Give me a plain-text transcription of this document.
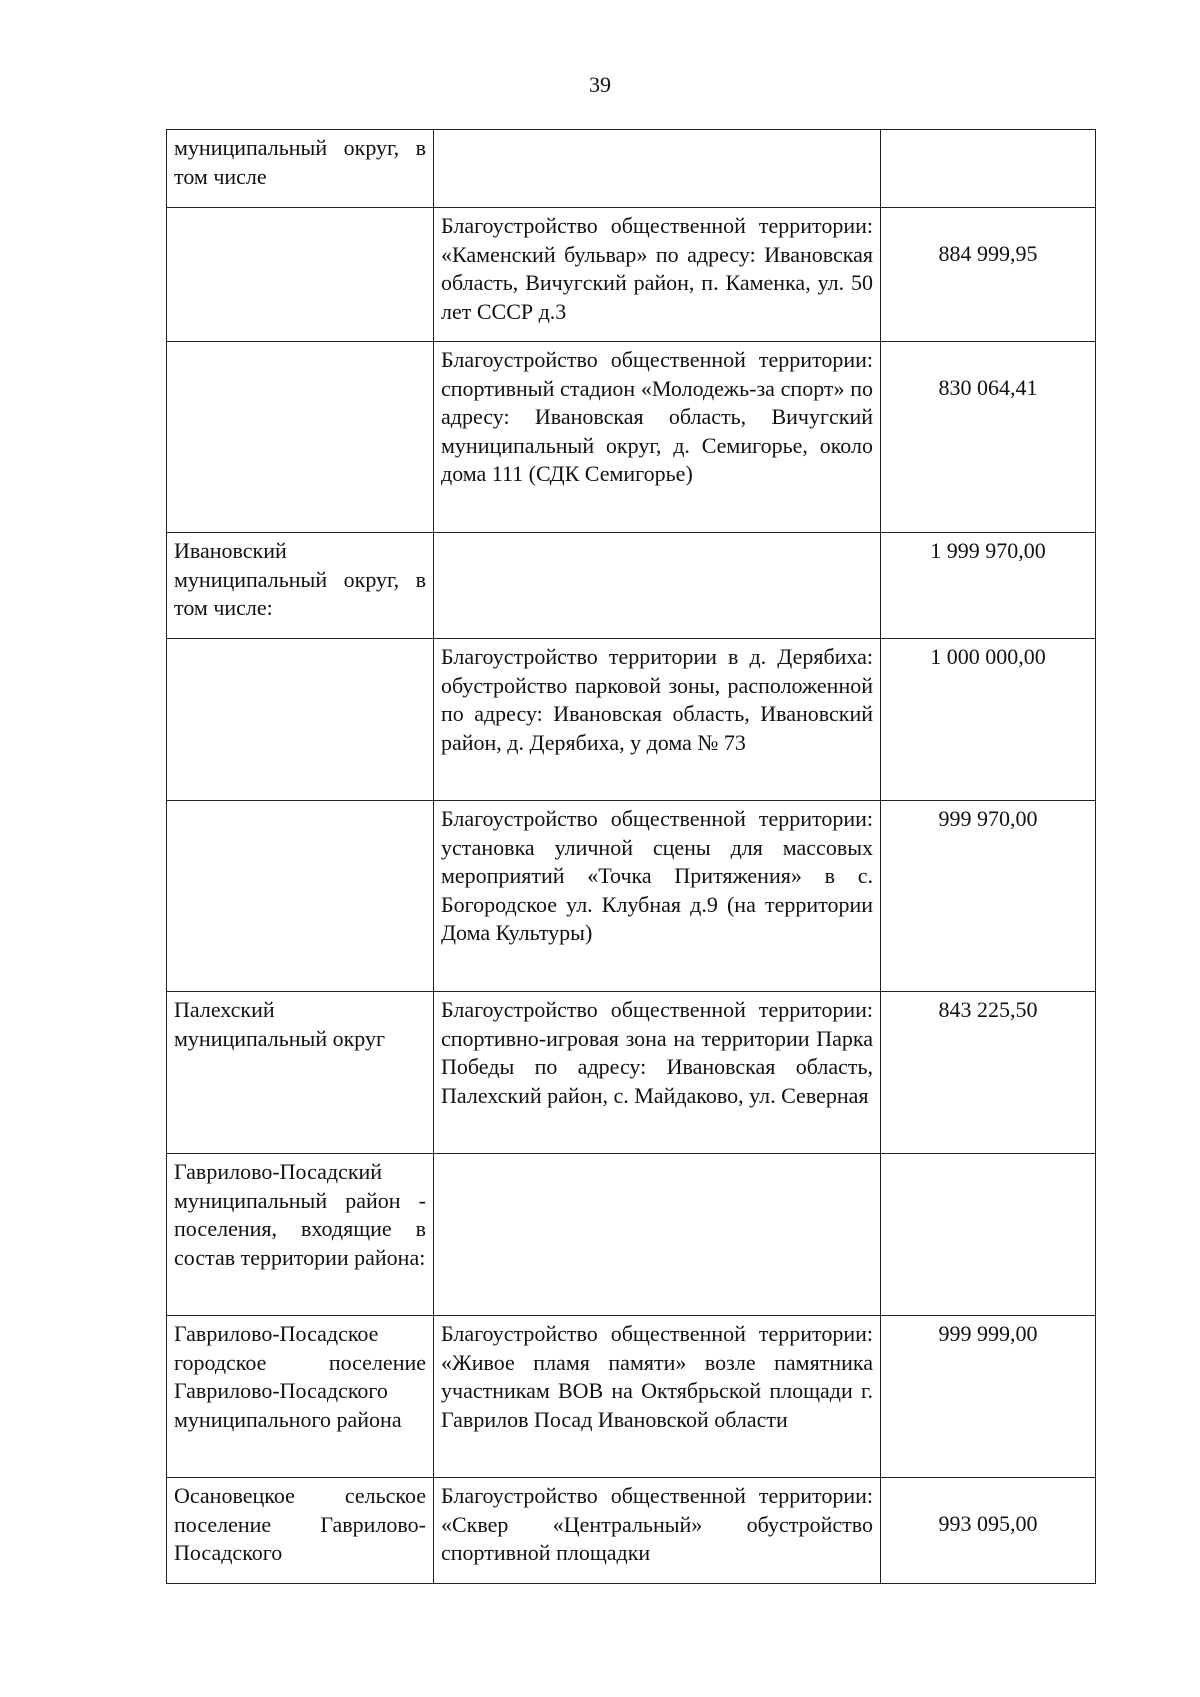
39
муниципальный округ, в том числе		
	Благоустройство общественной территории: «Каменский бульвар» по адресу: Ивановская область, Вичугский район, п. Каменка, ул. 50 лет СССР д.3	884 999,95

	Благоустройство общественной территории: спортивный стадион «Молодежь-за спорт» по адресу: Ивановская область, Вичугский муниципальный округ, д. Семигорье, около дома 111 (СДК Семигорье)	830 064,41

Ивановский муниципальный округ, в том числе:		1 999 970,00
	Благоустройство территории в д. Дерябиха: обустройство парковой зоны, расположенной по адресу: Ивановская область, Ивановский район, д. Дерябиха, у дома № 73	1 000 000,00
	Благоустройство общественной территории: установка уличной сцены для массовых мероприятий «Точка Притяжения» в с. Богородское ул. Клубная д.9 (на территории Дома Культуры)	999 970,00
Палехский муниципальный округ	Благоустройство общественной территории: спортивно-игровая зона на территории Парка Победы по адресу: Ивановская область, Палехский район, с. Майдаково, ул. Северная	843 225,50
Гаврилово-Посадский муниципальный район - поселения, входящие в состав территории района:		
Гаврилово-Посадское городское поселение Гаврилово-Посадского муниципального района	Благоустройство общественной территории: «Живое пламя памяти» возле памятника участникам ВОВ на Октябрьской площади г. Гаврилов Посад Ивановской области	999 999,00
Осановецкое сельское поселение Гаврилово-Посадского	Благоустройство общественной территории: «Сквер «Центральный» обустройство спортивной площадки	993 095,00
